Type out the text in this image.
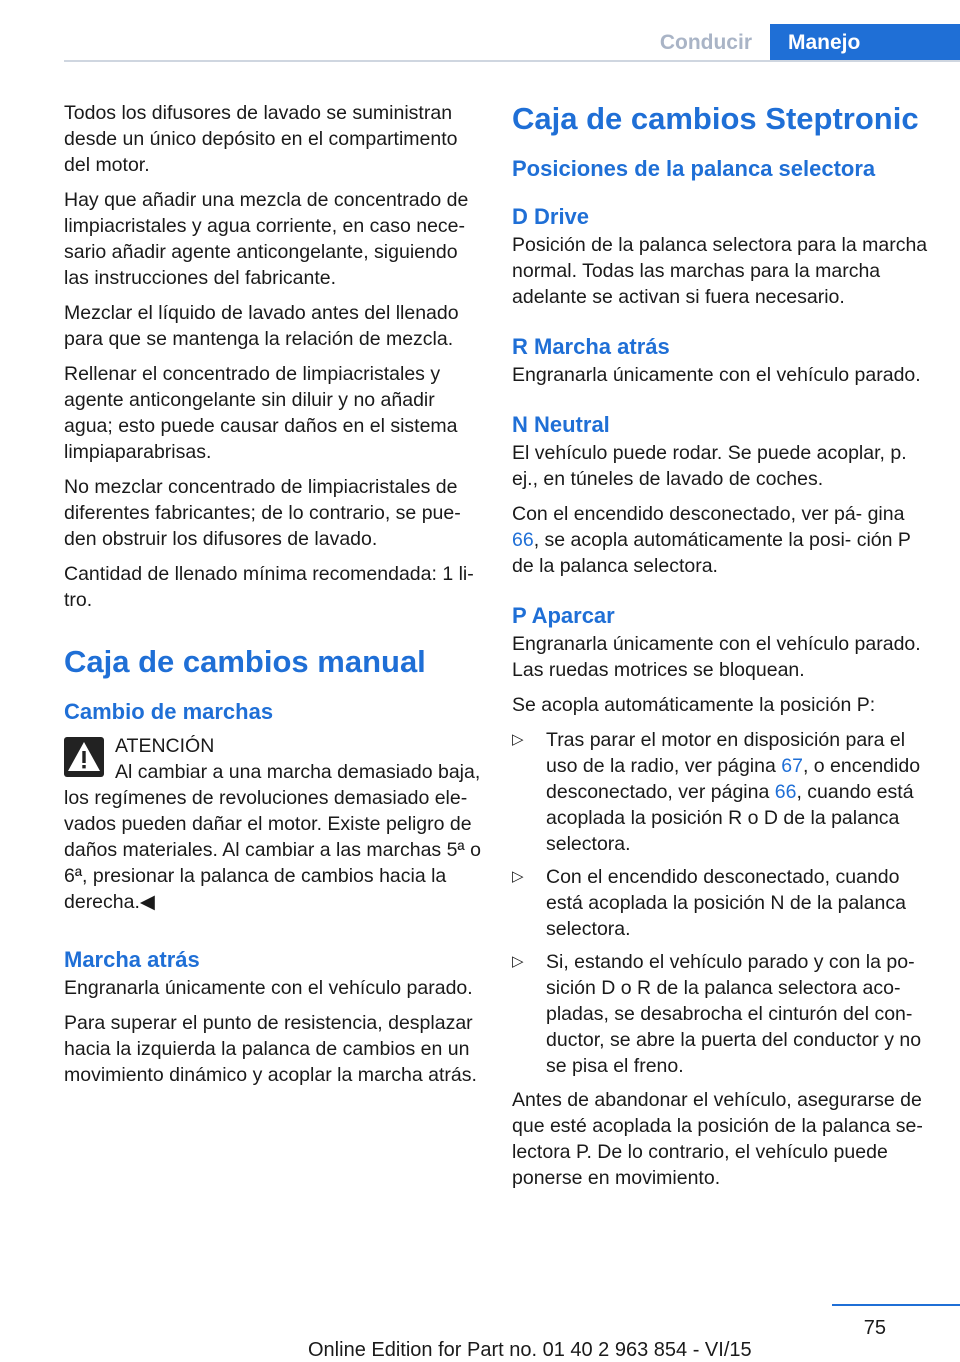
Conducir	Manejo

Todos los difusores de lavado se suministran desde un único depósito en el compartimento del motor.

Hay que añadir una mezcla de concentrado de limpiacristales y agua corriente, en caso nece- sario añadir agente anticongelante, siguiendo las instrucciones del fabricante.

Mezclar el líquido de lavado antes del llenado para que se mantenga la relación de mezcla.

Rellenar el concentrado de limpiacristales y agente anticongelante sin diluir y no añadir agua; esto puede causar daños en el sistema limpiaparabrisas.

No mezclar concentrado de limpiacristales de diferentes fabricantes; de lo contrario, se pue- den obstruir los difusores de lavado.

Cantidad de llenado mínima recomendada: 1 li- tro.

Caja de cambios manual
Cambio de marchas

ATENCIÓN

Al cambiar a una marcha demasiado baja, los regímenes de revoluciones demasiado ele- vados pueden dañar el motor. Existe peligro de daños materiales. Al cambiar a las marchas 5ª o 6ª, presionar la palanca de cambios hacia la derecha.◀

Marcha atrás

Engranarla únicamente con el vehículo parado.

Para superar el punto de resistencia, desplazar hacia la izquierda la palanca de cambios en un movimiento dinámico y acoplar la marcha atrás.

Caja de cambios Steptronic
Posiciones de la palanca selectora
D Drive

Posición de la palanca selectora para la marcha normal. Todas las marchas para la marcha adelante se activan si fuera necesario.

R Marcha atrás

Engranarla únicamente con el vehículo parado.

N Neutral

El vehículo puede rodar. Se puede acoplar, p. ej., en túneles de lavado de coches.

Con el encendido desconectado, ver pá- gina 66, se acopla automáticamente la posi- ción P de la palanca selectora.

P Aparcar

Engranarla únicamente con el vehículo parado. Las ruedas motrices se bloquean.

Se acopla automáticamente la posición P:

▷ Tras parar el motor en disposición para el uso de la radio, ver página 67, o encendido desconectado, ver página 66, cuando está acoplada la posición R o D de la palanca selectora.
▷ Con el encendido desconectado, cuando está acoplada la posición N de la palanca selectora.
▷ Si, estando el vehículo parado y con la po- sición D o R de la palanca selectora aco- pladas, se desabrocha el cinturón del con- ductor, se abre la puerta del conductor y no se pisa el freno.

Antes de abandonar el vehículo, asegurarse de que esté acoplada la posición de la palanca se- lectora P. De lo contrario, el vehículo puede ponerse en movimiento.

75
Online Edition for Part no. 01 40 2 963 854 - VI/15
